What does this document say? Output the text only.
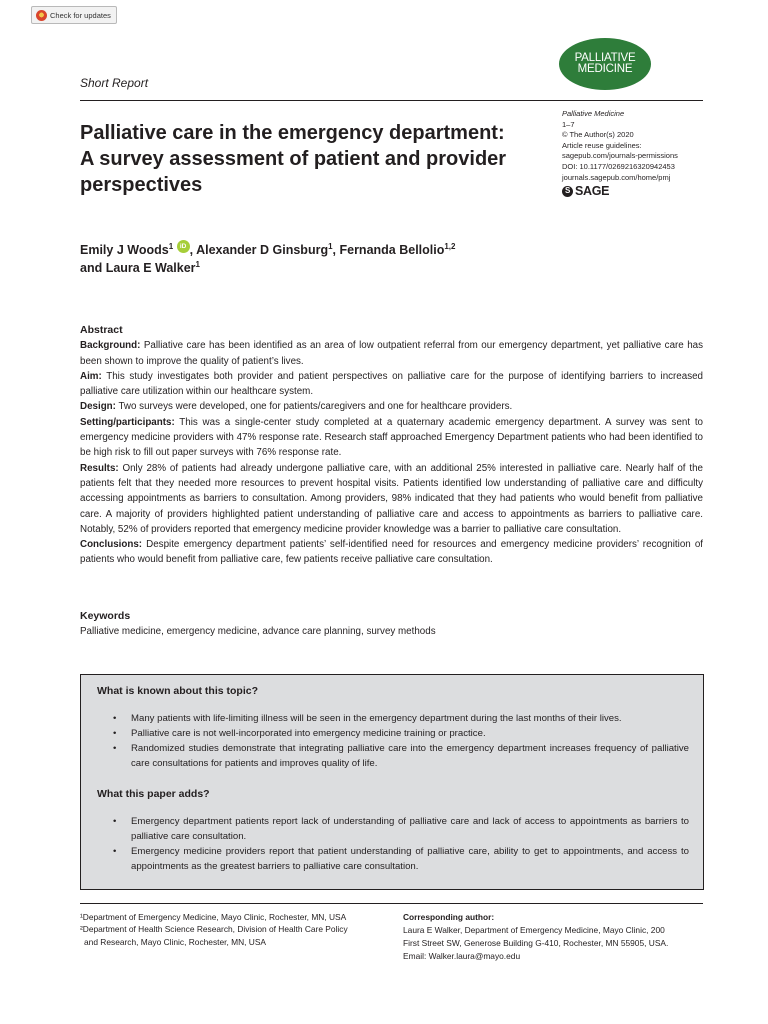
Check for updates
Short Report
PALLIATIVE
MEDICINE
Palliative care in the emergency department:
A survey assessment of patient and provider
perspectives
Palliative Medicine
1–7
© The Author(s) 2020
Article reuse guidelines:
sagepub.com/journals-permissions
DOI: 10.1177/0269216320942453
journals.sagepub.com/home/pmj
S SAGE
Emily J Woods$^1$ iD , Alexander D Ginsburg$^1$, Fernanda Bellolio$^{1,2}$
and Laura E Walker$^1$
Abstract

Background: Palliative care has been identified as an area of low outpatient referral from our emergency department, yet palliative care has been shown to improve the quality of patient’s lives.

Aim: This study investigates both provider and patient perspectives on palliative care for the purpose of identifying barriers to increased palliative care utilization within our healthcare system.

Design: Two surveys were developed, one for patients/caregivers and one for healthcare providers.

Setting/participants: This was a single-center study completed at a quaternary academic emergency department. A survey was sent to emergency medicine providers with 47% response rate. Research staff approached Emergency Department patients who had been identified to be high risk to fill out paper surveys with 76% response rate.

Results: Only 28% of patients had already undergone palliative care, with an additional 25% interested in palliative care. Nearly half of the patients felt that they needed more resources to prevent hospital visits. Patients identified low understanding of palliative care and difficulty accessing appointments as barriers to consultation. Among providers, 98% indicated that they had patients who would benefit from palliative care. A majority of providers highlighted patient understanding of palliative care and access to appointments as barriers to palliative care. Notably, 52% of providers reported that emergency medicine provider knowledge was a barrier to palliative care consultation.

Conclusions: Despite emergency department patients’ self-identified need for resources and emergency medicine providers’ recognition of patients who would benefit from palliative care, few patients receive palliative care consultation.

Keywords
Palliative medicine, emergency medicine, advance care planning, survey methods
What is known about this topic?
• Many patients with life-limiting illness will be seen in the emergency department during the last months of their lives.
• Palliative care is not well-incorporated into emergency medicine training or practice.
• Randomized studies demonstrate that integrating palliative care into the emergency department increases frequency of palliative care consultations for patients and improves quality of life.
What this paper adds?
• Emergency department patients report lack of understanding of palliative care and lack of access to appointments as barriers to palliative care consultation.
• Emergency medicine providers report that patient understanding of palliative care, ability to get to appointments, and access to appointments as the greatest barriers to palliative care consultation.

¹Department of Emergency Medicine, Mayo Clinic, Rochester, MN, USA

²Department of Health Science Research, Division of Health Care Policy

and Research, Mayo Clinic, Rochester, MN, USA

Corresponding author:
Laura E Walker, Department of Emergency Medicine, Mayo Clinic, 200
First Street SW, Generose Building G-410, Rochester, MN 55905, USA.
Email: Walker.laura@mayo.edu
